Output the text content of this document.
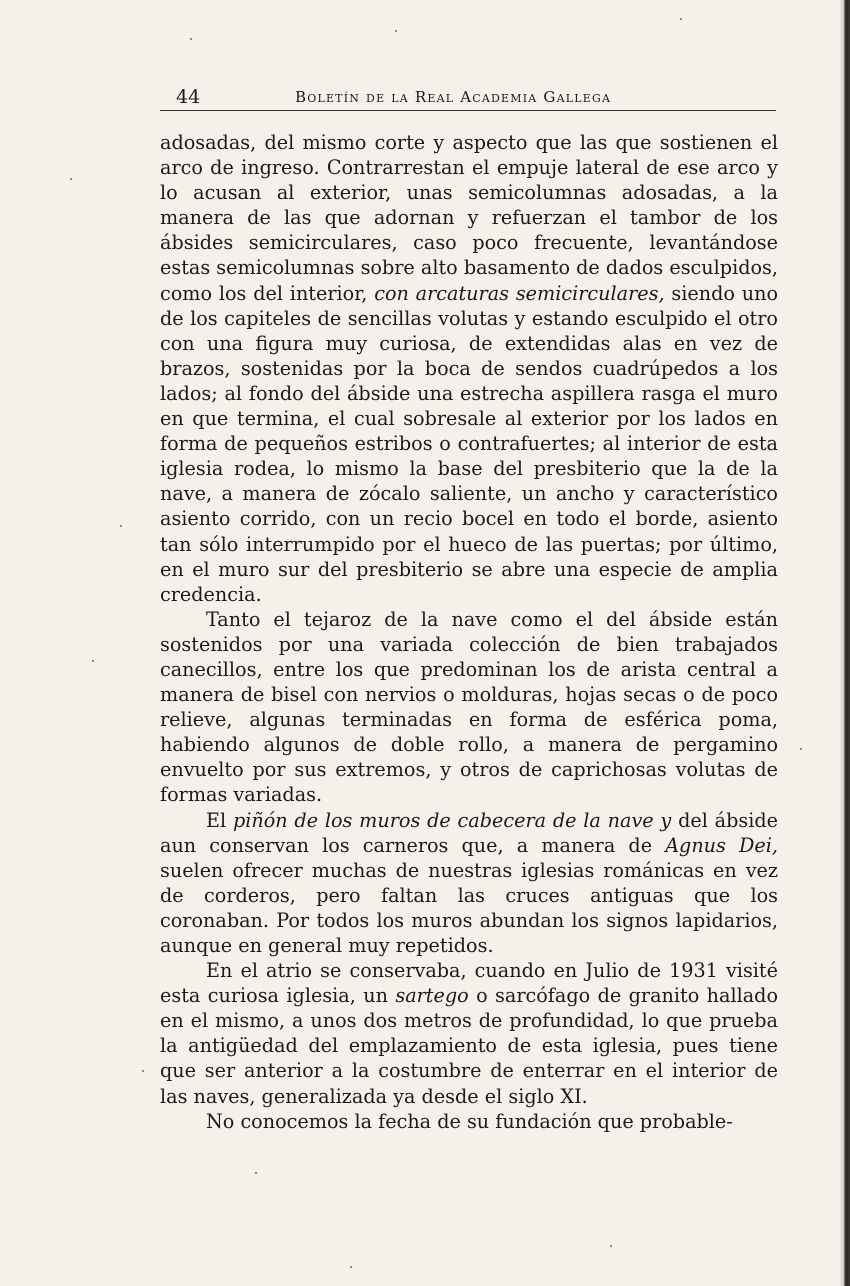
44	Boletín de la Real Academia Gallega

adosadas, del mismo corte y aspecto que las que sostienen el arco de ingreso. Contrarrestan el empuje lateral de ese arco y lo acusan al exterior, unas semicolumnas adosadas, a la manera de las que adornan y refuerzan el tambor de los ábsides semicirculares, caso poco frecuente, levantándose estas semicolumnas sobre alto basamento de dados esculpidos, como los del interior, con arcaturas semicirculares, siendo uno de los capiteles de sencillas volutas y estando esculpido el otro con una figura muy curiosa, de extendidas alas en vez de brazos, sostenidas por la boca de sendos cuadrúpedos a los lados; al fondo del ábside una estrecha aspillera rasga el muro en que termina, el cual sobresale al exterior por los lados en forma de pequeños estribos o contrafuertes; al interior de esta iglesia rodea, lo mismo la base del presbiterio que la de la nave, a manera de zócalo saliente, un ancho y característico asiento corrido, con un recio bocel en todo el borde, asiento tan sólo interrumpido por el hueco de las puertas; por último, en el muro sur del presbiterio se abre una especie de amplia credencia.

Tanto el tejaroz de la nave como el del ábside están sostenidos por una variada colección de bien trabajados canecillos, entre los que predominan los de arista central a manera de bisel con nervios o molduras, hojas secas o de poco relieve, algunas terminadas en forma de esférica poma, habiendo algunos de doble rollo, a manera de pergamino envuelto por sus extremos, y otros de caprichosas volutas de formas variadas.

El piñón de los muros de cabecera de la nave y del ábside aun conservan los carneros que, a manera de Agnus Dei, suelen ofrecer muchas de nuestras iglesias románicas en vez de corderos, pero faltan las cruces antiguas que los coronaban. Por todos los muros abundan los signos lapidarios, aunque en general muy repetidos.

En el atrio se conservaba, cuando en Julio de 1931 visité esta curiosa iglesia, un sartego o sarcófago de granito hallado en el mismo, a unos dos metros de profundidad, lo que prueba la antigüedad del emplazamiento de esta iglesia, pues tiene que ser anterior a la costumbre de enterrar en el interior de las naves, generalizada ya desde el siglo XI.

No conocemos la fecha de su fundación que probable-
